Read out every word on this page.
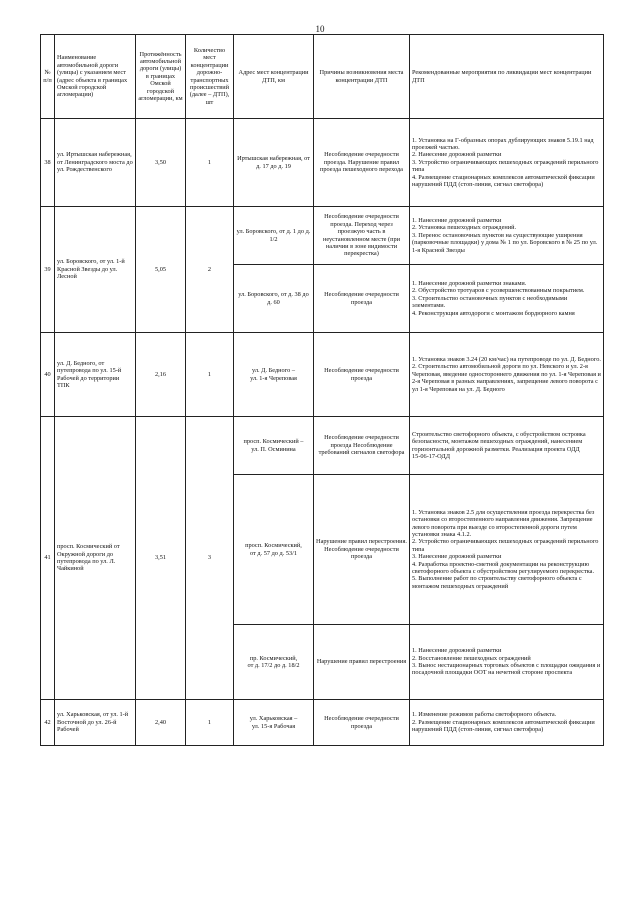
10
№
п/п	Наименование автомобильной дороги (улицы) с указанием мест (адрес объекта в границах Омской городской агломерации)	Протяжённость автомобильной дороги (улицы) в границах Омской городской агломерации, км	Количество мест концентрации дорожно-транспортных происшествий (далее – ДТП), шт	Адрес мест концентрации ДТП, км	Причины возникновения места концентрации ДТП	Рекомендованные мероприятия по ликвидации мест концентрации ДТП
38	ул. Иртышская набережная, от Ленинградского моста до ул. Рождественского	3,50	1	Иртышская набережная, от д. 17 до д. 19	Несоблюдение очередности проезда. Нарушение правил проезда пешеходного перехода	1. Установка на Г-образных опорах дублирующих знаков 5.19.1 над проезжей частью.
2. Нанесение дорожной разметки
3. Устройство ограничивающих пешеходных ограждений перильного типа
4. Размещение стационарных комплексов автоматической фиксации нарушений ПДД (стоп-линия, сигнал светофора)
39	ул. Боровского, от ул. 1-й Красной Звезды до ул. Лесной	5,05	2	ул. Боровского, от д. 1 до д. 1/2	Несоблюдение очередности проезда. Переход через проезжую часть в неустановленном месте (при наличии в зоне видимости перекрестка)	1. Нанесение дорожной разметки
2. Установка пешеходных ограждений.
3. Перенос остановочных пунктов на существующие уширения (парковочные площадки) у дома № 1 по ул. Боровского в № 25 по ул. 1-я Красной Звезды
				ул. Боровского, от д. 38 до д. 60	Несоблюдение очередности проезда	1. Нанесение дорожной разметки знаками.
2. Обустройство тротуаров с усовершенствованным покрытием.
3. Строительство остановочных пунктов с необходимыми элементами.
4. Реконструкция автодороги с монтажом бордюрного камня
40	ул. Д. Бедного, от путепровода по ул. 15-й Рабочей до территории ТПК	2,16	1	ул. Д. Бедного –
ул. 1-я Череповая	Несоблюдение очередности проезда	1. Установка знаков 3.24 (20 км/час) на путепроводе по ул. Д. Бедного.
2. Строительство автомобильной дороги по ул. Невского и ул. 2-я Череповая, введение одностороннего движения по ул. 1-я Череповая и 2-я Череповая в разных направлениях, запрещение левого поворота с ул 1-я Череповая на ул. Д. Бедного
41	просп. Космический от Окружной дороги до путепровода по ул. Л. Чайкиной	3,51	3	просп. Космический –
ул. П. Осминина	Несоблюдение очередности проезда Несоблюдение требований сигналов светофора	Строительство светофорного объекта, с обустройством островка безопасности, монтажом пешеходных ограждений, нанесением горизонтальной дорожной разметки. Реализация проекта ОДД
15-06-17-ОДД
				просп. Космический,
от д. 57 до д. 53/1	Нарушение правил перестроения. Несоблюдение очередности проезда	1. Установка знаков 2.5 для осуществления проезда перекрестка без остановки со второстепенного направления движения. Запрещение левого поворота при выезде со второстепенной дороги путем установки знака 4.1.2.
2. Устройство ограничивающих пешеходных ограждений перильного типа
3. Нанесение дорожной разметки
4. Разработка проектно-сметной документации на реконструкцию светофорного объекта с обустройством регулируемого перекрестка.
5. Выполнение работ по строительству светофорного объекта с монтажом пешеходных ограждений
				пр. Космический,
от д. 17/2 до д. 18/2	Нарушение правил перестроения	1. Нанесение дорожной разметки
2. Восстановление пешеходных ограждений
3. Вынос нестационарных торговых объектов с площадки ожидания и посадочной площадки ООТ на нечетной стороне проспекта
42	ул. Харьковская, от ул. 1-й Восточной до ул. 26-й Рабочей	2,40	1	ул. Харьковская –
ул. 15-я Рабочая	Несоблюдение очередности проезда	1. Изменение режимов работы светофорного объекта.
2. Размещение стационарных комплексов автоматической фиксации нарушений ПДД (стоп-линия, сигнал светофора)
